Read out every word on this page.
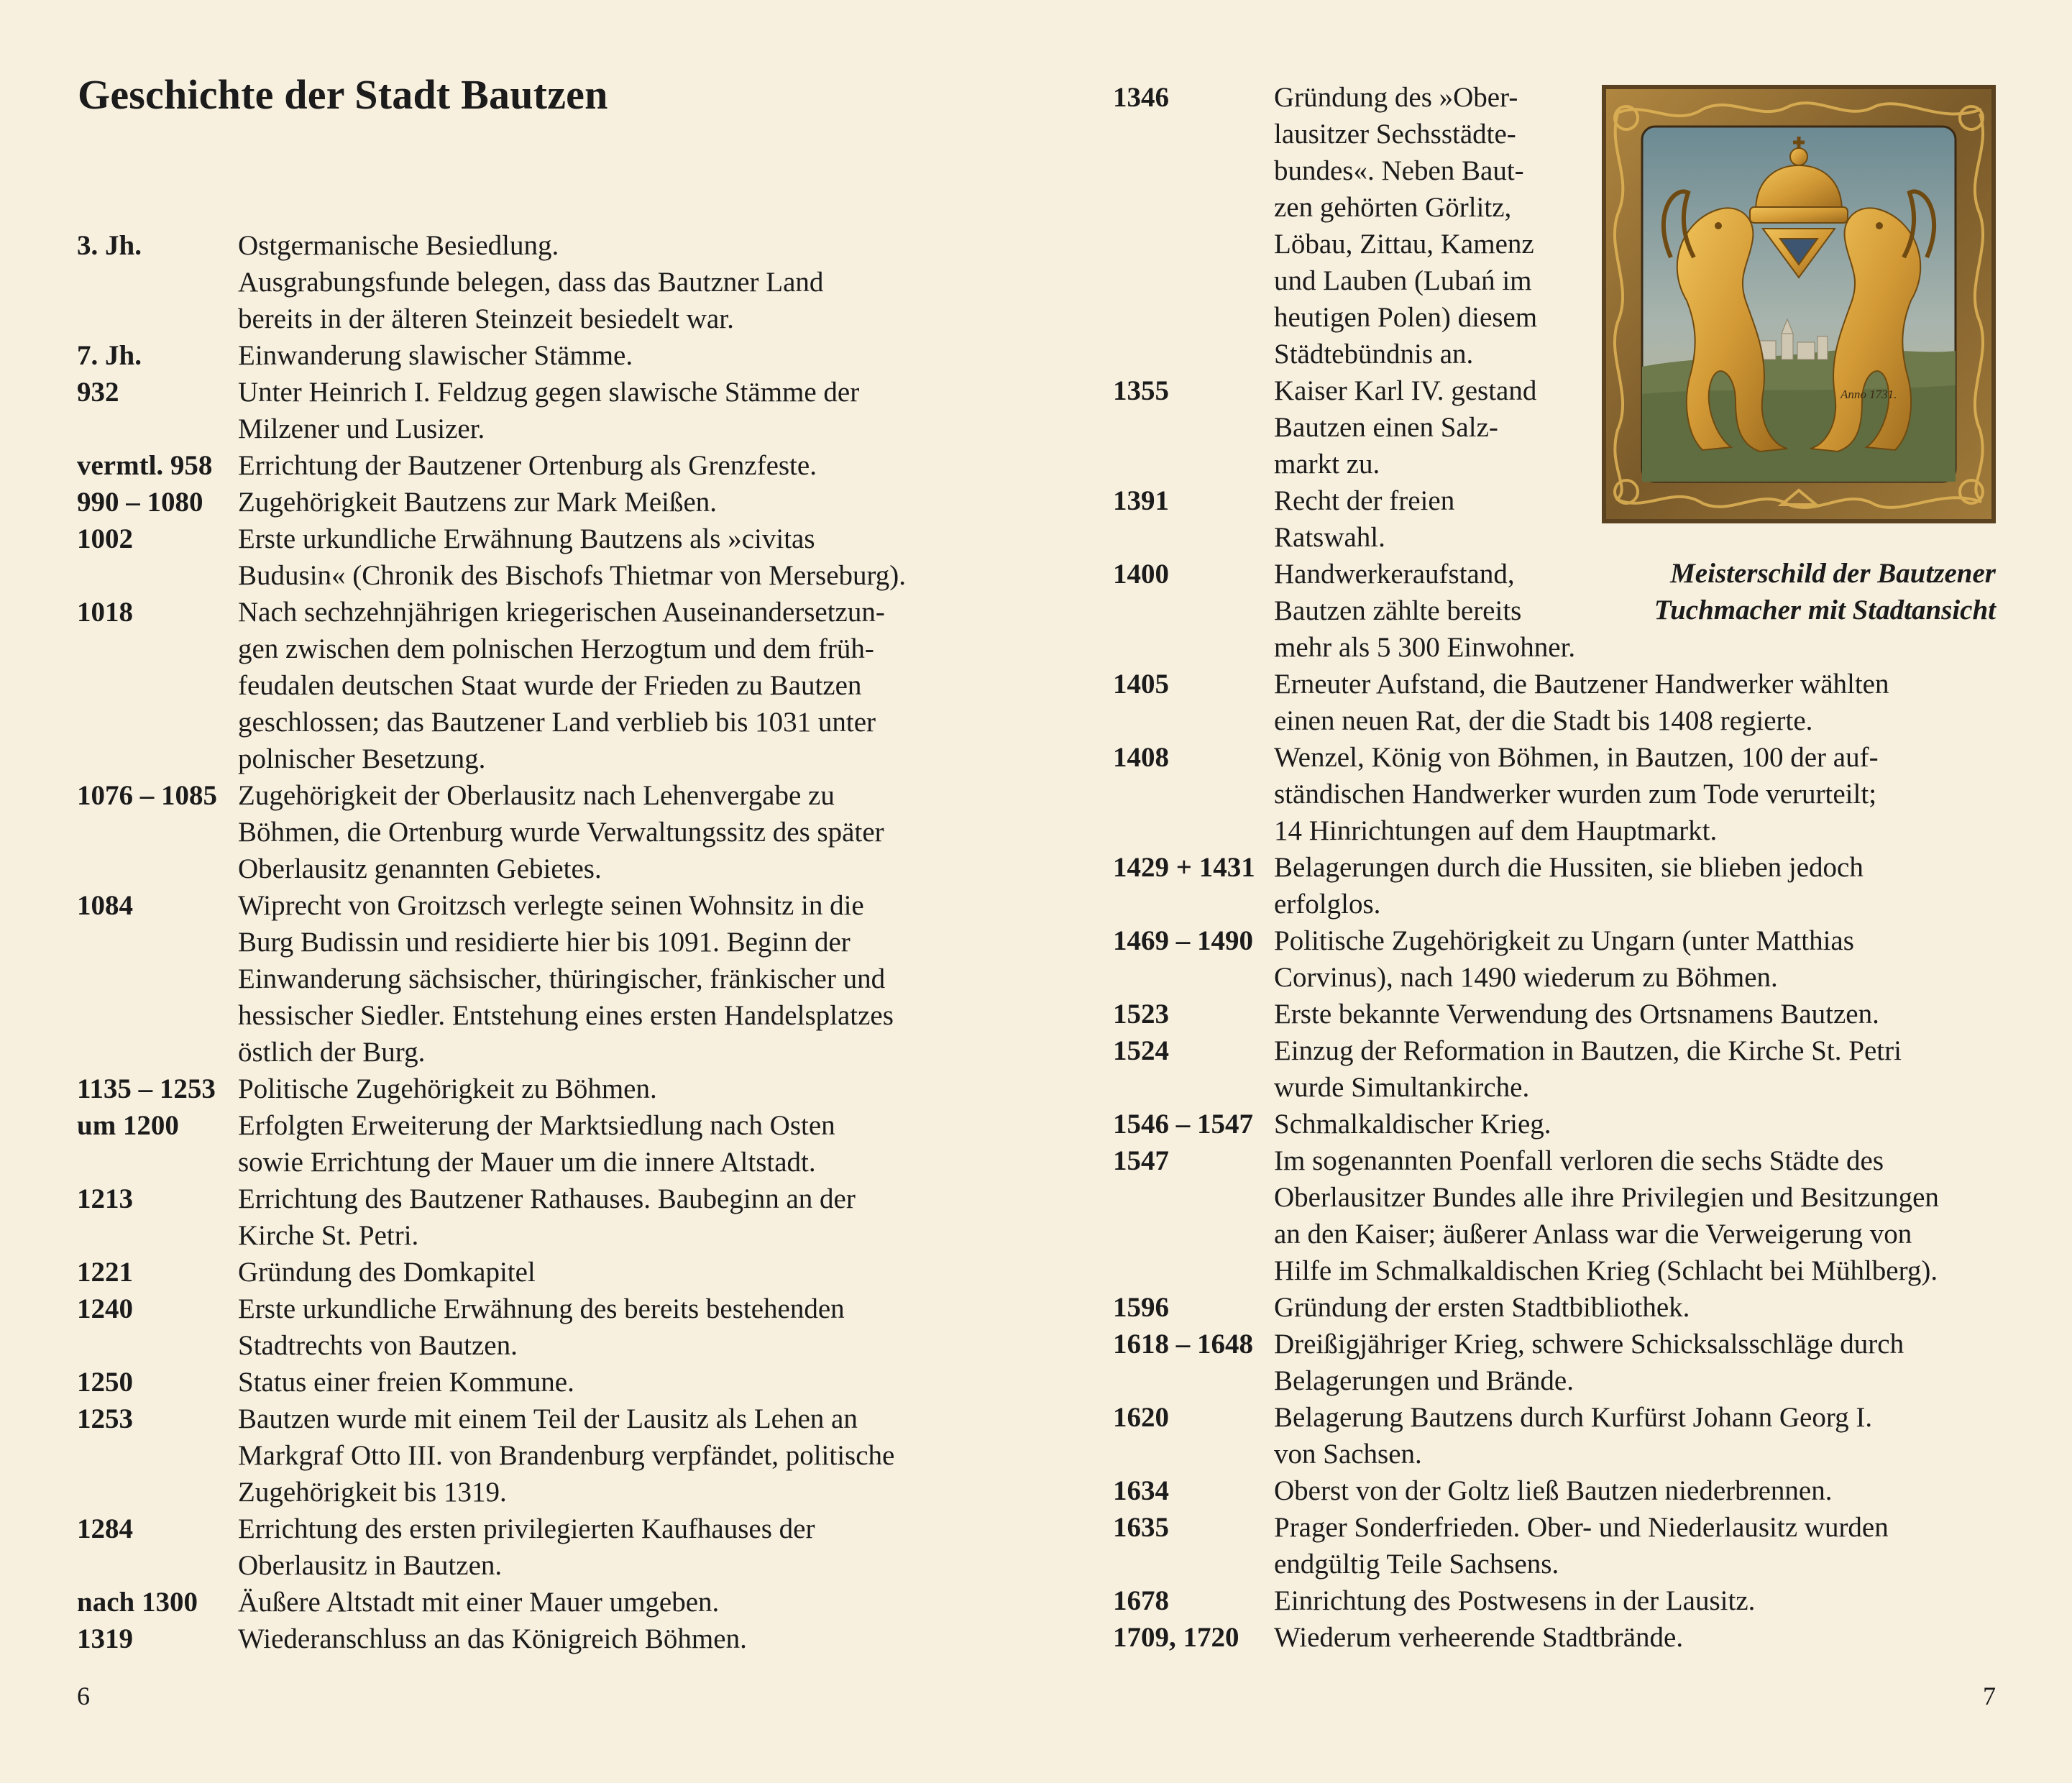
Geschichte der Stadt Bautzen
3. Jh.	Ostgermanische Besiedlung.
Ausgrabungsfunde belegen, dass das Bautzner Land
bereits in der älteren Steinzeit besiedelt war.
7. Jh.	Einwanderung slawischer Stämme.
932	Unter Heinrich I. Feldzug gegen slawische Stämme der
Milzener und Lusizer.
vermtl. 958 Errichtung der Bautzener Ortenburg als Grenzfeste.
990 – 1080	Zugehörigkeit Bautzens zur Mark Meißen.
1002	Erste urkundliche Erwähnung Bautzens als »civitas
Budusin« (Chronik des Bischofs Thietmar von Merseburg).
1018	Nach sechzehnjährigen kriegerischen Auseinandersetzun-
gen zwischen dem polnischen Herzogtum und dem früh-
feudalen deutschen Staat wurde der Frieden zu Bautzen
geschlossen; das Bautzener Land verblieb bis 1031 unter
polnischer Besetzung.
1076 – 1085 Zugehörigkeit der Oberlausitz nach Lehenvergabe zu
Böhmen, die Ortenburg wurde Verwaltungssitz des später
Oberlausitz genannten Gebietes.
1084	Wiprecht von Groitzsch verlegte seinen Wohnsitz in die
Burg Budissin und residierte hier bis 1091. Beginn der
Einwanderung sächsischer, thüringischer, fränkischer und
hessischer Siedler. Entstehung eines ersten Handelsplatzes
östlich der Burg.
1135 – 1253 Politische Zugehörigkeit zu Böhmen.
um 1200	Erfolgten Erweiterung der Marktsiedlung nach Osten
sowie Errichtung der Mauer um die innere Altstadt.
1213	Errichtung des Bautzener Rathauses. Baubeginn an der
Kirche St. Petri.
1221	Gründung des Domkapitel
1240	Erste urkundliche Erwähnung des bereits bestehenden
Stadtrechts von Bautzen.
1250	Status einer freien Kommune.
1253	Bautzen wurde mit einem Teil der Lausitz als Lehen an
Markgraf Otto III. von Brandenburg verpfändet, politische
Zugehörigkeit bis 1319.
1284	Errichtung des ersten privilegierten Kaufhauses der
Oberlausitz in Bautzen.
nach 1300	Äußere Altstadt mit einer Mauer umgeben.
1319	Wiederanschluss an das Königreich Böhmen.
6
1346	Gründung des »Ober-
lausitzer Sechsstädte-
bundes«. Neben Baut-
zen gehörten Görlitz,
Löbau, Zittau, Kamenz
und Lauben (Lubań im
heutigen Polen) diesem
Städtebündnis an.
1355	Kaiser Karl IV. gestand
Bautzen einen Salz-
markt zu.
1391	Recht der freien
Ratswahl.
1400	Handwerkeraufstand,
Bautzen zählte bereits
mehr als 5 300 Einwohner.
1405	Erneuter Aufstand, die Bautzener Handwerker wählten
einen neuen Rat, der die Stadt bis 1408 regierte.
1408	Wenzel, König von Böhmen, in Bautzen, 100 der auf-
ständischen Handwerker wurden zum Tode verurteilt;
14 Hinrichtungen auf dem Hauptmarkt.
1429 + 1431 Belagerungen durch die Hussiten, sie blieben jedoch
erfolglos.
1469 – 1490 Politische Zugehörigkeit zu Ungarn (unter Matthias
Corvinus), nach 1490 wiederum zu Böhmen.
1523	Erste bekannte Verwendung des Ortsnamens Bautzen.
1524	Einzug der Reformation in Bautzen, die Kirche St. Petri
wurde Simultankirche.
1546 – 1547 Schmalkaldischer Krieg.
1547	Im sogenannten Poenfall verloren die sechs Städte des
Oberlausitzer Bundes alle ihre Privilegien und Besitzungen
an den Kaiser; äußerer Anlass war die Verweigerung von
Hilfe im Schmalkaldischen Krieg (Schlacht bei Mühlberg).
1596	Gründung der ersten Stadtbibliothek.
1618 – 1648 Dreißigjähriger Krieg, schwere Schicksalsschläge durch
Belagerungen und Brände.
1620	Belagerung Bautzens durch Kurfürst Johann Georg I.
von Sachsen.
1634	Oberst von der Goltz ließ Bautzen niederbrennen.
1635	Prager Sonderfrieden. Ober- und Niederlausitz wurden
endgültig Teile Sachsens.
1678	Einrichtung des Postwesens in der Lausitz.
1709, 1720	Wiederum verheerende Stadtbrände.
Anno 1731.
Meisterschild der Bautzener
Tuchmacher mit Stadtansicht
7
